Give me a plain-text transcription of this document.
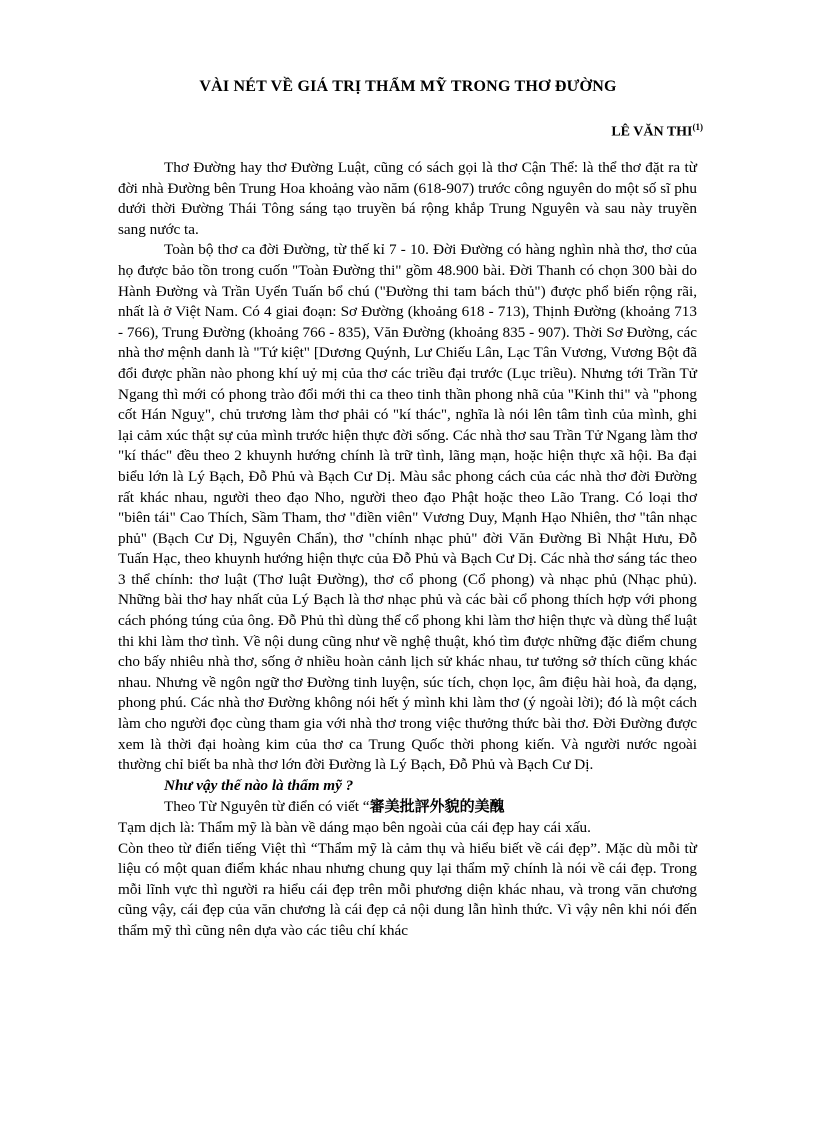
VÀI NÉT VỀ GIÁ TRỊ THẨM MỸ TRONG THƠ ĐƯỜNG
LÊ VĂN THI$^{(1)}$

Thơ Đường hay thơ Đường Luật, cũng có sách gọi là thơ Cận Thể: là thể thơ đặt ra từ đời nhà Đường bên Trung Hoa khoảng vào năm (618-907) trước công nguyên do một số sĩ phu dưới thời Đường Thái Tông sáng tạo truyền bá rộng khắp Trung Nguyên và sau này truyền sang nước ta.

Toàn bộ thơ ca đời Đường, từ thế kỉ 7 - 10. Đời Đường có hàng nghìn nhà thơ, thơ của họ được bảo tồn trong cuốn "Toàn Đường thi" gồm 48.900 bài. Đời Thanh có chọn 300 bài do Hành Đường và Trần Uyển Tuấn bổ chú ("Đường thi tam bách thủ") được phổ biến rộng rãi, nhất là ở Việt Nam. Có 4 giai đoạn: Sơ Đường (khoảng 618 - 713), Thịnh Đường (khoảng 713 - 766), Trung Đường (khoảng 766 - 835), Văn Đường (khoảng 835 - 907). Thời Sơ Đường, các nhà thơ mệnh danh là "Tứ kiệt" [Dương Quýnh, Lư Chiếu Lân, Lạc Tân Vương, Vương Bột đã đổi được phần nào phong khí uỷ mị của thơ các triều đại trước (Lục triều). Nhưng tới Trần Tử Ngang thì mới có phong trào đổi mới thi ca theo tinh thần phong nhã của "Kinh thi" và "phong cốt Hán Nguỵ", chủ trương làm thơ phải có "kí thác", nghĩa là nói lên tâm tình của mình, ghi lại cảm xúc thật sự của mình trước hiện thực đời sống. Các nhà thơ sau Trần Tử Ngang làm thơ "kí thác" đều theo 2 khuynh hướng chính là trữ tình, lãng mạn, hoặc hiện thực xã hội. Ba đại biểu lớn là Lý Bạch, Đỗ Phủ và Bạch Cư Dị. Màu sắc phong cách của các nhà thơ đời Đường rất khác nhau, người theo đạo Nho, người theo đạo Phật hoặc theo Lão Trang. Có loại thơ "biên tái" Cao Thích, Sầm Tham, thơ "điền viên" Vương Duy, Mạnh Hạo Nhiên, thơ "tân nhạc phủ" (Bạch Cư Dị, Nguyên Chẩn), thơ "chính nhạc phủ" đời Văn Đường Bì Nhật Hưu, Đỗ Tuấn Hạc, theo khuynh hướng hiện thực của Đỗ Phủ và Bạch Cư Dị. Các nhà thơ sáng tác theo 3 thể chính: thơ luật (Thơ luật Đường), thơ cổ phong (Cổ phong) và nhạc phủ (Nhạc phủ). Những bài thơ hay nhất của Lý Bạch là thơ nhạc phủ và các bài cổ phong thích hợp với phong cách phóng túng của ông. Đỗ Phủ thì dùng thể cổ phong khi làm thơ hiện thực và dùng thể luật thi khi làm thơ tình. Về nội dung cũng như về nghệ thuật, khó tìm được những đặc điểm chung cho bấy nhiêu nhà thơ, sống ở nhiều hoàn cảnh lịch sử khác nhau, tư tưởng sở thích cũng khác nhau. Nhưng về ngôn ngữ thơ Đường tinh luyện, súc tích, chọn lọc, âm điệu hài hoà, đa dạng, phong phú. Các nhà thơ Đường không nói hết ý mình khi làm thơ (ý ngoài lời); đó là một cách làm cho người đọc cùng tham gia với nhà thơ trong việc thưởng thức bài thơ. Đời Đường được xem là thời đại hoàng kim của thơ ca Trung Quốc thời phong kiến. Và người nước ngoài thường chỉ biết ba nhà thơ lớn đời Đường là Lý Bạch, Đỗ Phủ và Bạch Cư Dị.

Như vậy thế nào là thẩm mỹ ?

Theo Từ Nguyên từ điển có viết “審美批評外貌的美醜

Tạm dịch là: Thẩm mỹ là bàn về dáng mạo bên ngoài của cái đẹp hay cái xấu.

Còn theo từ điển tiếng Việt thì “Thẩm mỹ là cảm thụ và hiểu biết về cái đẹp”. Mặc dù mỗi từ liệu có một quan điểm khác nhau nhưng chung quy lại thẩm mỹ chính là nói về cái đẹp. Trong mỗi lĩnh vực thì người ra hiểu cái đẹp trên mỗi phương diện khác nhau, và trong văn chương cũng vậy, cái đẹp của văn chương là cái đẹp cả nội dung lẫn hình thức. Vì vậy nên khi nói đến thẩm mỹ thì cũng nên dựa vào các tiêu chí khác
